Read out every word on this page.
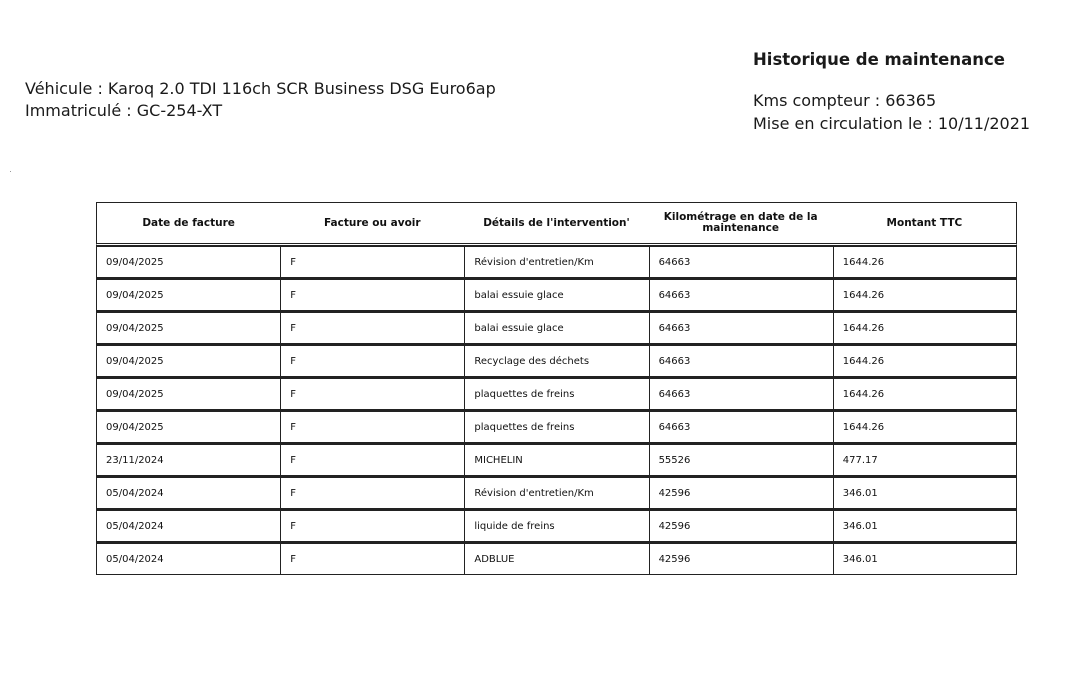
Véhicule : Karoq 2.0 TDI 116ch SCR Business DSG Euro6ap
Immatriculé : GC-254-XT
Historique de maintenance
Kms compteur : 66365
Mise en circulation le : 10/11/2021
Date de facture	Facture ou avoir	Détails de l'intervention'	Kilométrage en date de la maintenance	Montant TTC
09/04/2025	F	Révision d'entretien/Km	64663	1644.26
09/04/2025	F	balai essuie glace	64663	1644.26
09/04/2025	F	balai essuie glace	64663	1644.26
09/04/2025	F	Recyclage des déchets	64663	1644.26
09/04/2025	F	plaquettes de freins	64663	1644.26
09/04/2025	F	plaquettes de freins	64663	1644.26
23/11/2024	F	MICHELIN	55526	477.17
05/04/2024	F	Révision d'entretien/Km	42596	346.01
05/04/2024	F	liquide de freins	42596	346.01
05/04/2024	F	ADBLUE	42596	346.01
